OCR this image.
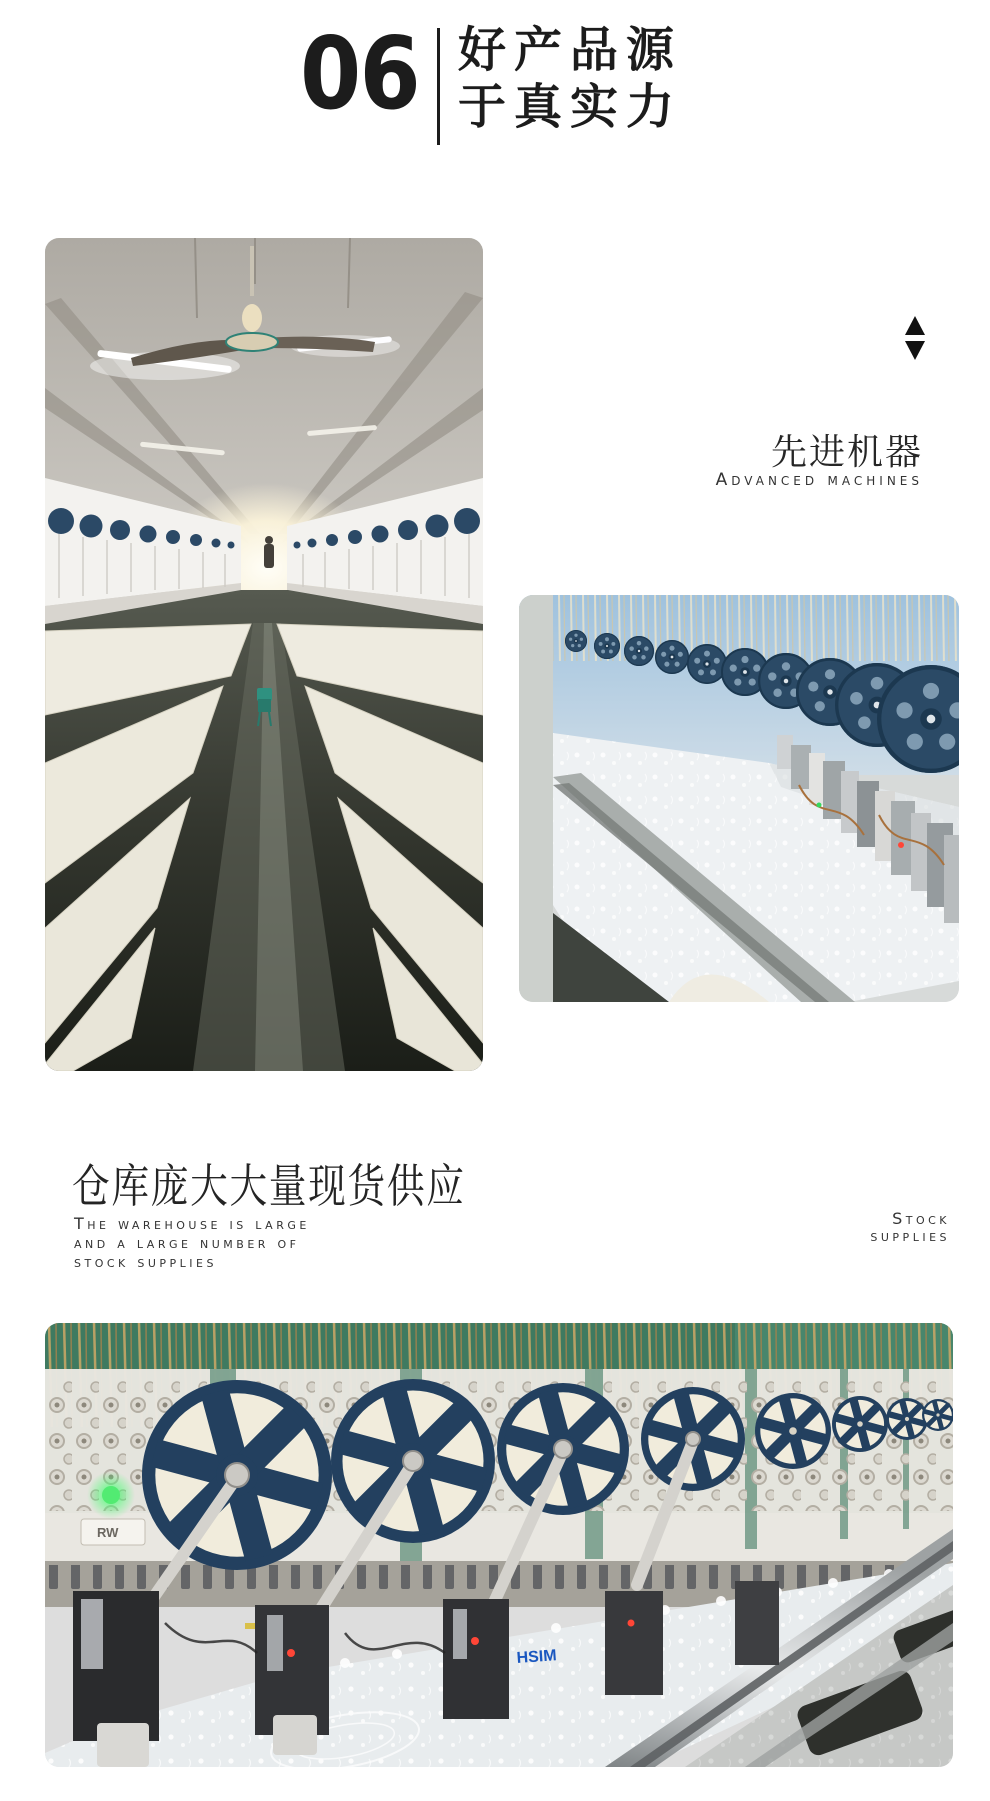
06 好产品源
于真实力
先进机器
Advanced machines
仓库庞大大量现货供应
The warehouse is large
and a large number of
stock supplies
Stock
supplies
RW
HSIM
